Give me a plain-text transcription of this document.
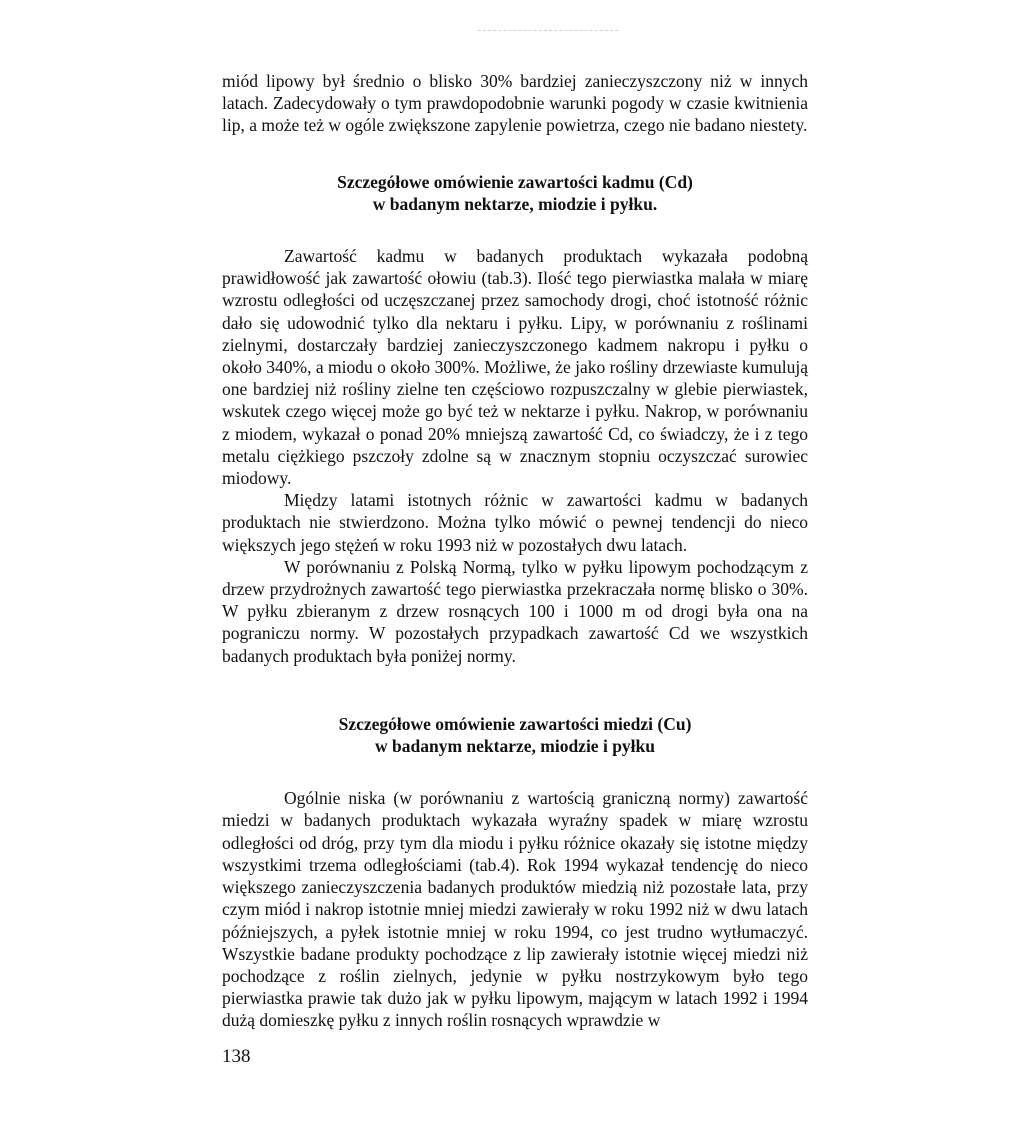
miód lipowy był średnio o blisko 30% bardziej zanieczyszczony niż w innych latach. Zadecydowały o tym prawdopodobnie warunki pogody w czasie kwitnienia lip, a może też w ogóle zwiększone zapylenie powietrza, czego nie badano niestety.

Szczegółowe omówienie zawartości kadmu (Cd)

w badanym nektarze, miodzie i pyłku.

Zawartość kadmu w badanych produktach wykazała podobną prawidłowość jak zawartość ołowiu (tab.3). Ilość tego pierwiastka malała w miarę wzrostu odległości od uczęszczanej przez samochody drogi, choć istotność różnic dało się udowodnić tylko dla nektaru i pyłku. Lipy, w porównaniu z roślinami zielnymi, dostarczały bardziej zanieczyszczonego kadmem nakropu i pyłku o około 340%, a miodu o około 300%. Możliwe, że jako rośliny drzewiaste kumulują one bardziej niż rośliny zielne ten częściowo rozpuszczalny w glebie pierwiastek, wskutek czego więcej może go być też w nektarze i pyłku. Nakrop, w porównaniu z miodem, wykazał o ponad 20% mniejszą zawartość Cd, co świadczy, że i z tego metalu ciężkiego pszczoły zdolne są w znacznym stopniu oczyszczać surowiec miodowy.

Między latami istotnych różnic w zawartości kadmu w badanych produktach nie stwierdzono. Można tylko mówić o pewnej tendencji do nieco większych jego stężeń w roku 1993 niż w pozostałych dwu latach.

W porównaniu z Polską Normą, tylko w pyłku lipowym pochodzącym z drzew przydrożnych zawartość tego pierwiastka przekraczała normę blisko o 30%. W pyłku zbieranym z drzew rosnących 100 i 1000 m od drogi była ona na pograniczu normy. W pozostałych przypadkach zawartość Cd we wszystkich badanych produktach była poniżej normy.

Szczegółowe omówienie zawartości miedzi (Cu)

w badanym nektarze, miodzie i pyłku

Ogólnie niska (w porównaniu z wartością graniczną normy) zawartość miedzi w badanych produktach wykazała wyraźny spadek w miarę wzrostu odległości od dróg, przy tym dla miodu i pyłku różnice okazały się istotne między wszystkimi trzema odległościami (tab.4). Rok 1994 wykazał tendencję do nieco większego zanieczyszczenia badanych produktów miedzią niż pozostałe lata, przy czym miód i nakrop istotnie mniej miedzi zawierały w roku 1992 niż w dwu latach późniejszych, a pyłek istotnie mniej w roku 1994, co jest trudno wytłumaczyć. Wszystkie badane produkty pochodzące z lip zawierały istotnie więcej miedzi niż pochodzące z roślin zielnych, jedynie w pyłku nostrzykowym było tego pierwiastka prawie tak dużo jak w pyłku lipowym, mającym w latach 1992 i 1994 dużą domieszkę pyłku z innych roślin rosnących wprawdzie w

138
